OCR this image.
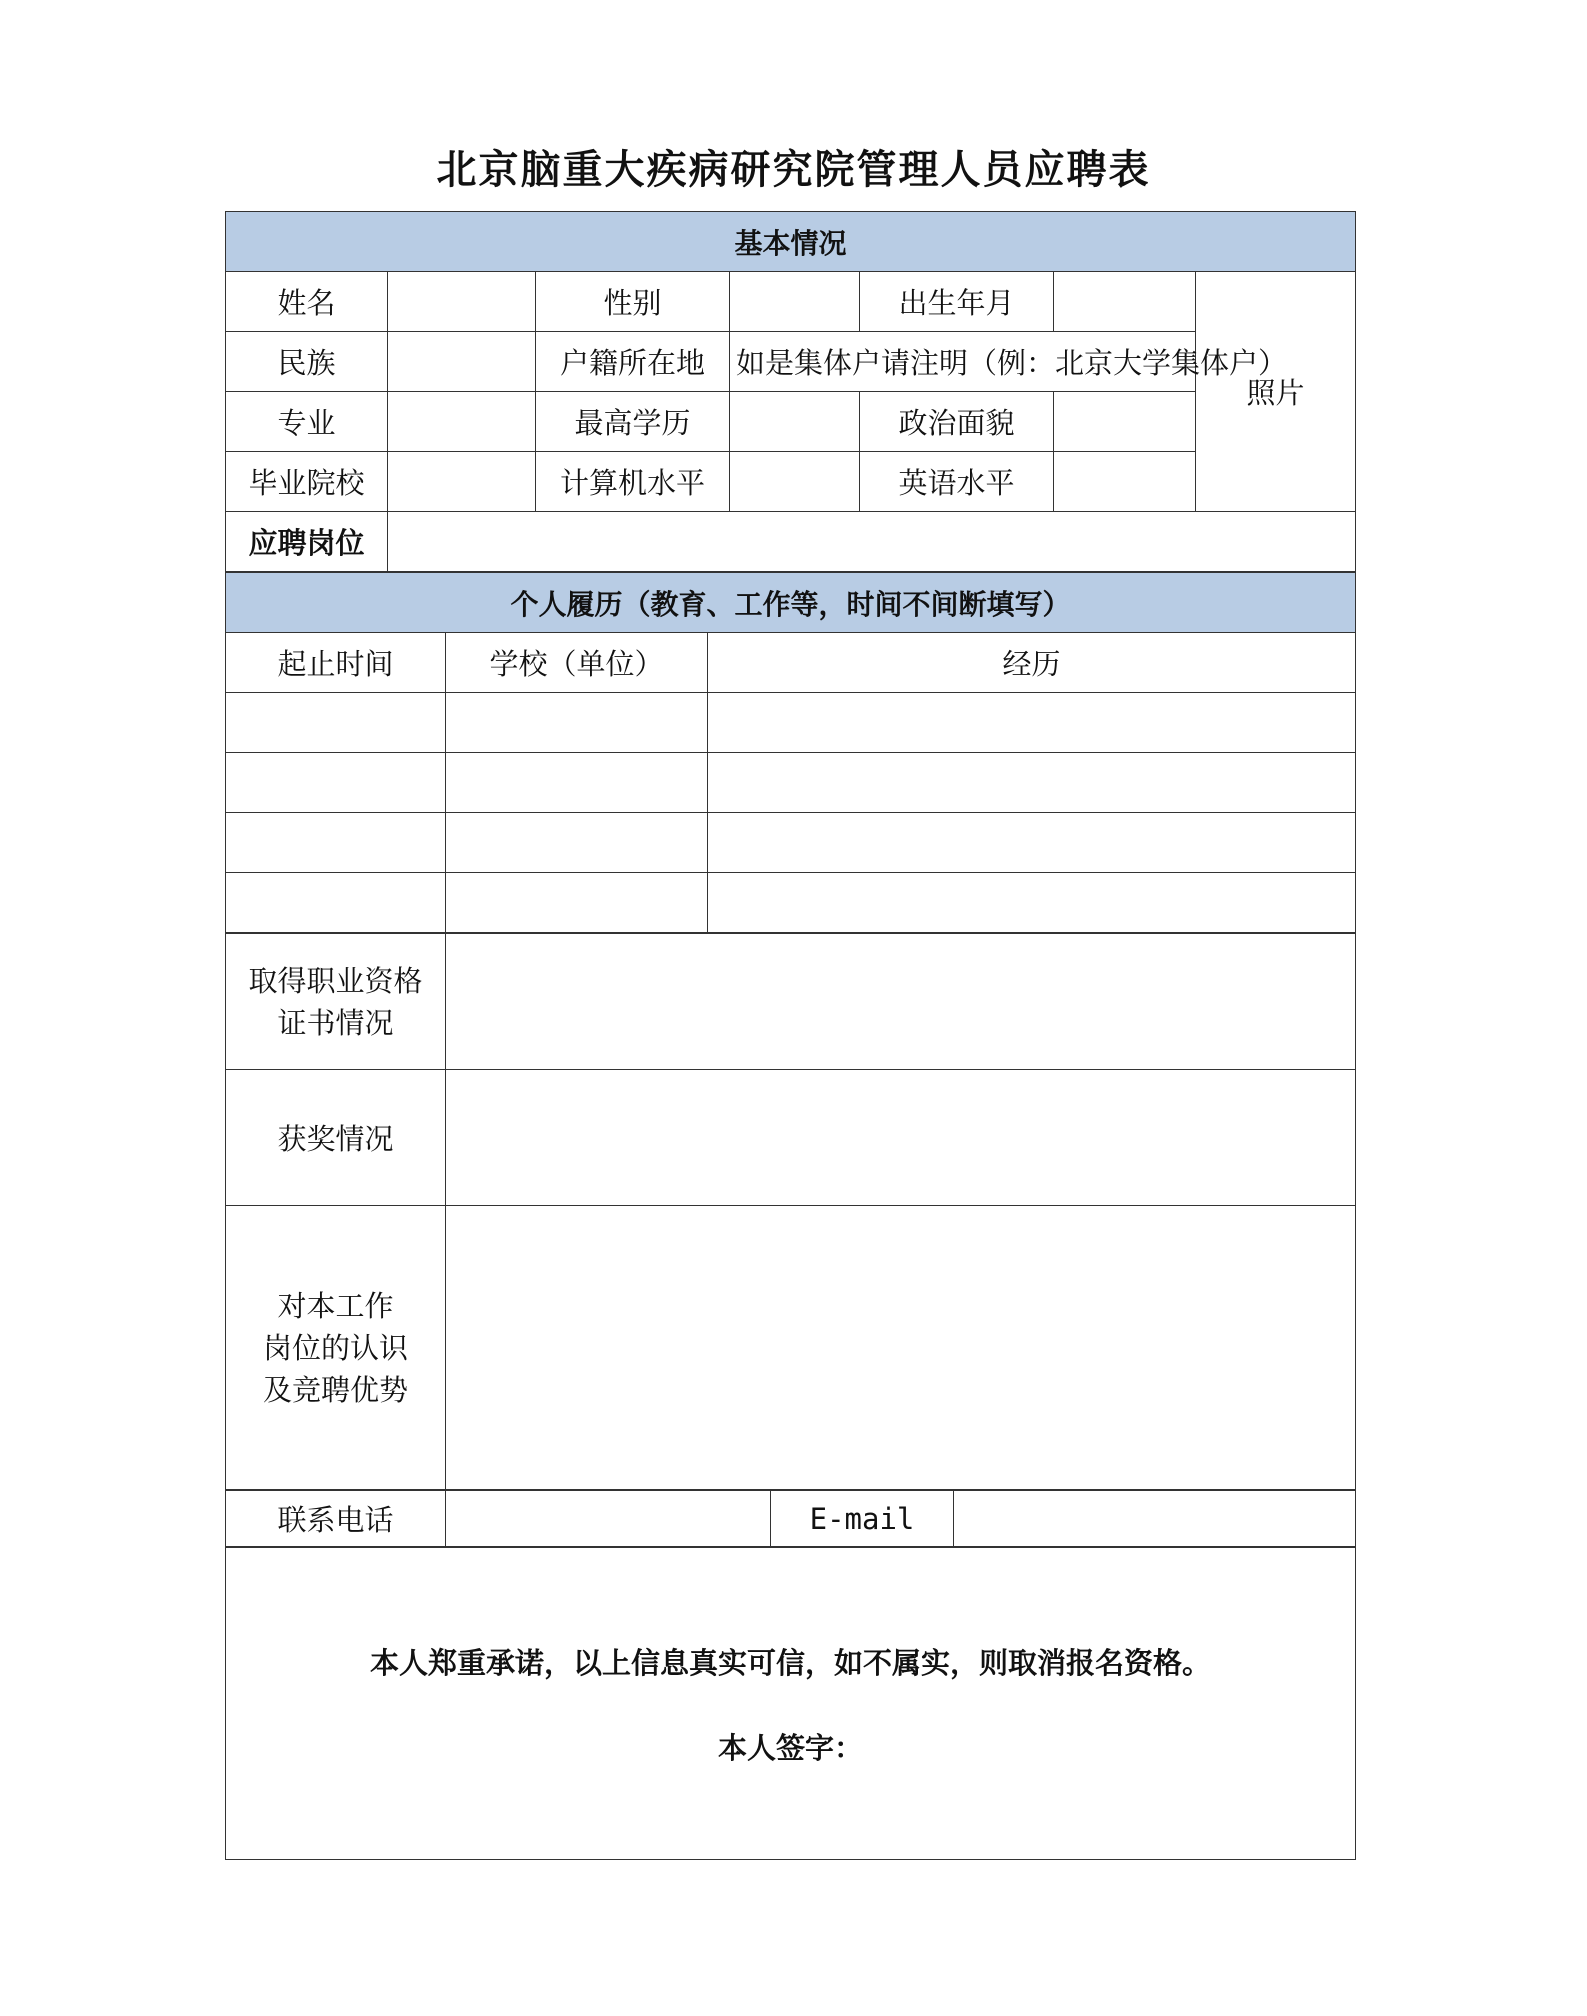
北京脑重大疾病研究院管理人员应聘表
基本情况						
姓名		性别		出生年月		照片
民族		户籍所在地	如是集体户请注明（例：北京大学集体户）			
专业		最高学历		政治面貌		
毕业院校		计算机水平		英语水平		
应聘岗位						
个人履历（教育、工作等，时间不间断填写）		
起止时间	学校（单位）	经历

取得职业资格
证书情况	
获奖情况	
对本工作
岗位的认识
及竞聘优势	
联系电话		E-mail	
本人郑重承诺，以上信息真实可信，如不属实，则取消报名资格。
本人签字：
